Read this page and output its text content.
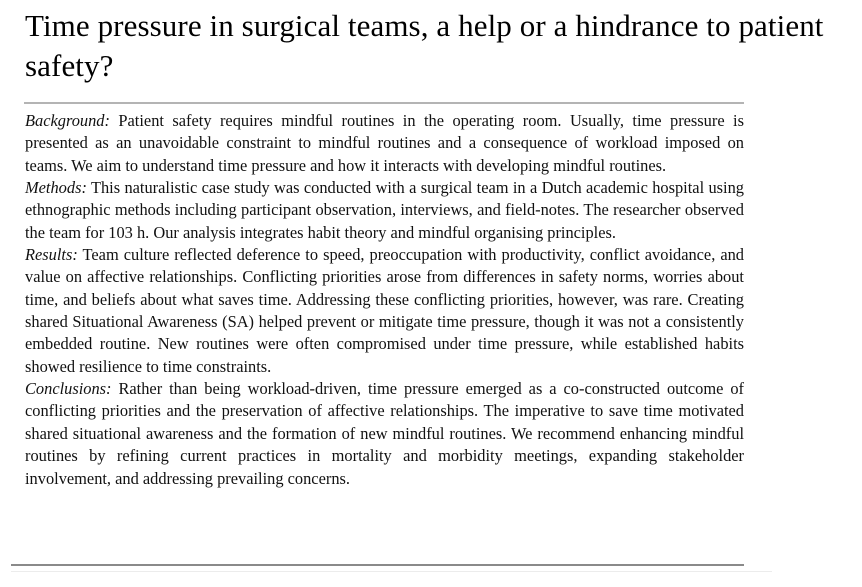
Time pressure in surgical teams, a help or a hindrance to patient safety?

Background: Patient safety requires mindful routines in the operating room. Usually, time pressure is presented as an unavoidable constraint to mindful routines and a consequence of workload imposed on teams. We aim to understand time pressure and how it interacts with developing mindful routines.

Methods: This naturalistic case study was conducted with a surgical team in a Dutch academic hospital using ethnographic methods including participant observation, interviews, and field-notes. The researcher observed the team for 103 h. Our analysis integrates habit theory and mindful organising principles.

Results: Team culture reflected deference to speed, preoccupation with productivity, conflict avoidance, and value on affective relationships. Conflicting priorities arose from differences in safety norms, worries about time, and beliefs about what saves time. Addressing these conflicting priorities, however, was rare. Creating shared Situational Awareness (SA) helped prevent or mitigate time pressure, though it was not a consistently embedded routine. New routines were often compromised under time pressure, while established habits showed resilience to time constraints.

Conclusions: Rather than being workload-driven, time pressure emerged as a co-constructed outcome of conflicting priorities and the preservation of affective relationships. The imperative to save time motivated shared situational awareness and the formation of new mindful routines. We recommend enhancing mindful routines by refining current practices in mortality and morbidity meetings, expanding stakeholder involvement, and addressing prevailing concerns.
